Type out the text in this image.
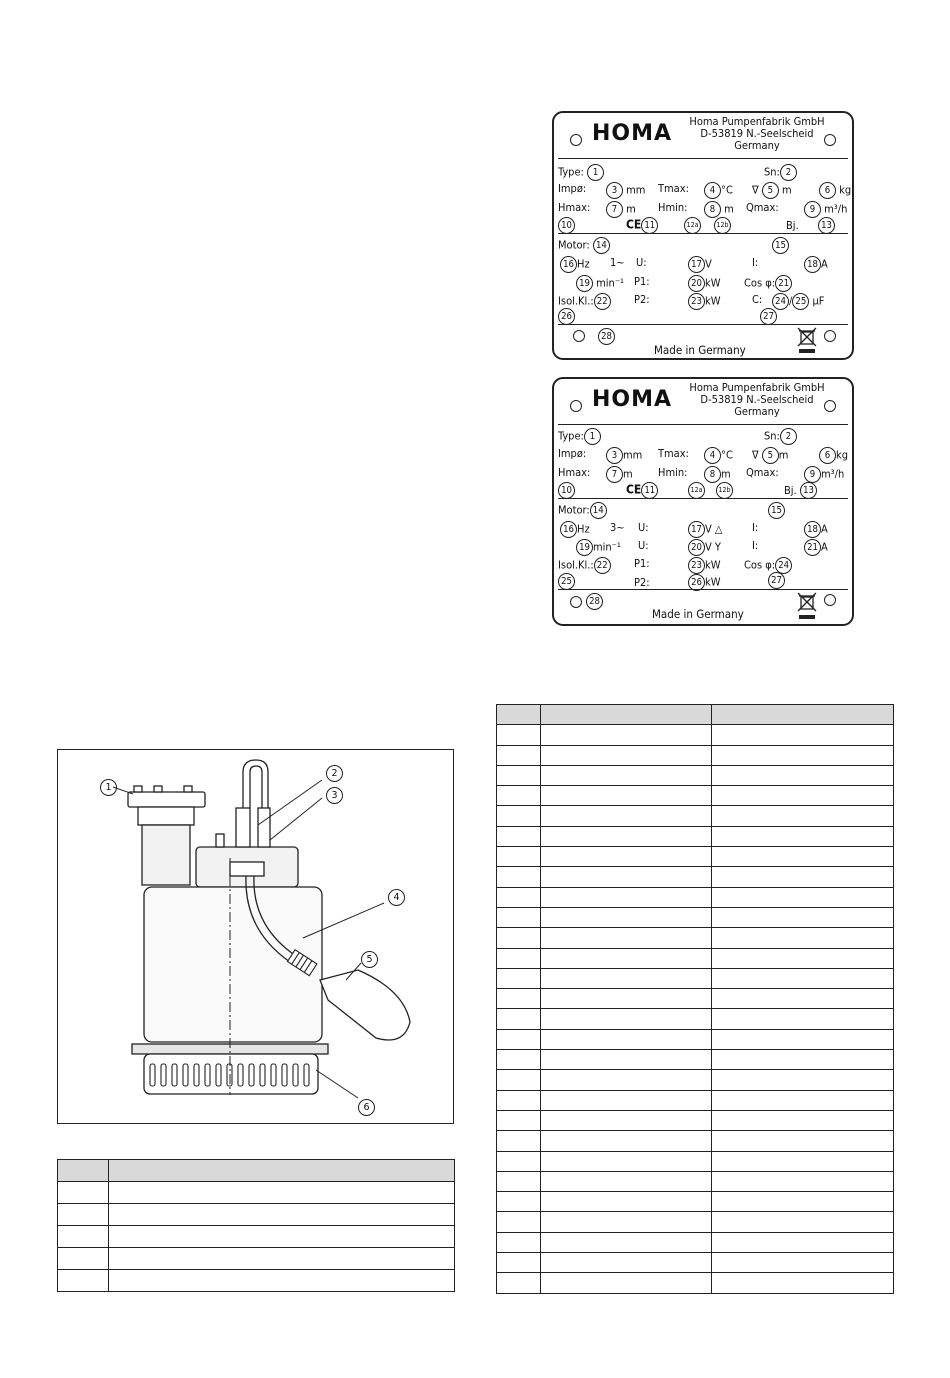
HOMA	Homa Pumpenfabrik GmbH
D-53819 N.-Seelscheid
Germany
Type: 1	Sn: 2
Impø:	3 mm Tmax:	4 °C ∇ 5 m	6 kg
Hmax:	7 m Hmin:	8 m Qmax:	9 m³/h
10	CE 11	12a	12b	Bj.	13
Motor: 14	15
16 Hz 1~ U:	17 V	I:	18 A
19 min⁻¹ P1:	20 kW Cos φ: 21
Isol.Kl.: 22 P2:	23 kW	C:	24 / 25 µF
26	27
28
Made in Germany
HOMA	Homa Pumpenfabrik GmbH
D-53819 N.-Seelscheid
Germany
Type: 1	Sn: 2
Impø:	3 mm Tmax:	4 °C ∇ 5 m	6 kg
Hmax:	7 m Hmin:	8 m Qmax:	9 m³/h
10	CE 11	12a	12b	Bj. 13
Motor: 14	15
16 Hz 3~ U:	17 V △	I:	18 A
19 min⁻¹ U:	20 V Y	I:	21 A
Isol.Kl.: 22 P1:	23 kW Cos φ: 24
25	P2:	26 kW	27
28
Made in Germany
1
2
3
4
5
6
